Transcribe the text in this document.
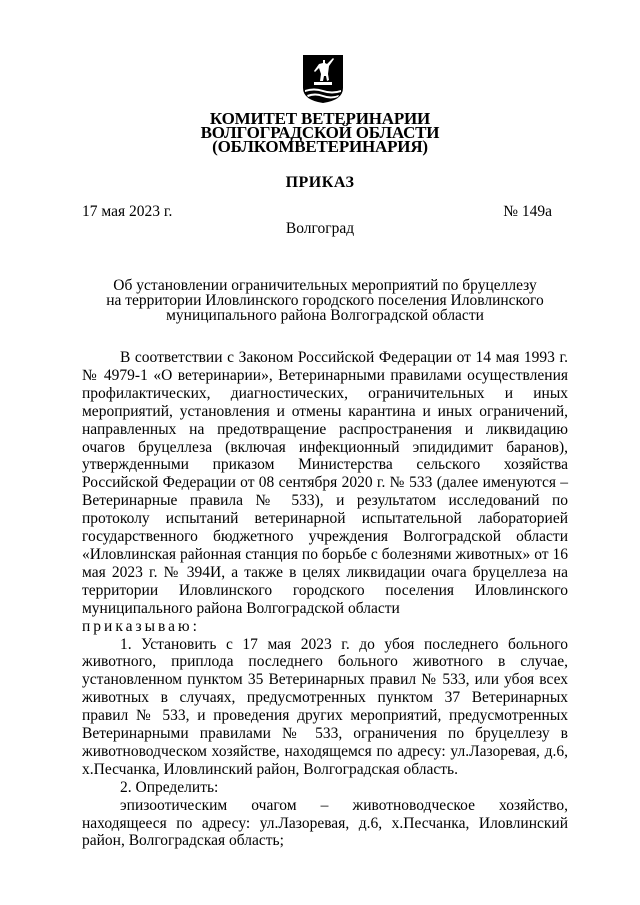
КОМИТЕТ ВЕТЕРИНАРИИ
ВОЛГОГРАДСКОЙ ОБЛАСТИ
(ОБЛКОМВЕТЕРИНАРИЯ)
ПРИКАЗ
17 мая 2023 г.	№ 149а
Волгоград
Об установлении ограничительных мероприятий по бруцеллезу
на территории Иловлинского городского поселения Иловлинского
муниципального района Волгоградской области

В соответствии с Законом Российской Федерации от 14 мая 1993 г. № 4979-1 «О ветеринарии», Ветеринарными правилами осуществления профилактических, диагностических, ограничительных и иных мероприятий, установления и отмены карантина и иных ограничений, направленных на предотвращение распространения и ликвидацию очагов бруцеллеза (включая инфекционный эпидидимит баранов), утвержденными приказом Министерства сельского хозяйства Российской Федерации от 08 сентября 2020 г. № 533 (далее именуются – Ветеринарные правила № 533), и результатом исследований по протоколу испытаний ветеринарной испытательной лабораторией государственного бюджетного учреждения Волгоградской области «Иловлинская районная станция по борьбе с болезнями животных» от 16 мая 2023 г. № 394И, а также в целях ликвидации очага бруцеллеза на территории Иловлинского городского поселения Иловлинского муниципального района Волгоградской области

приказываю:

1. Установить с 17 мая 2023 г. до убоя последнего больного животного, приплода последнего больного животного в случае, установленном пунктом 35 Ветеринарных правил № 533, или убоя всех животных в случаях, предусмотренных пунктом 37 Ветеринарных правил № 533, и проведения других мероприятий, предусмотренных Ветеринарными правилами № 533, ограничения по бруцеллезу в животноводческом хозяйстве, находящемся по адресу: ул.Лазоревая, д.6, х.Песчанка, Иловлинский район, Волгоградская область.

2. Определить:

эпизоотическим очагом – животноводческое хозяйство, находящееся по адресу: ул.Лазоревая, д.6, х.Песчанка, Иловлинский район, Волгоградская область;
